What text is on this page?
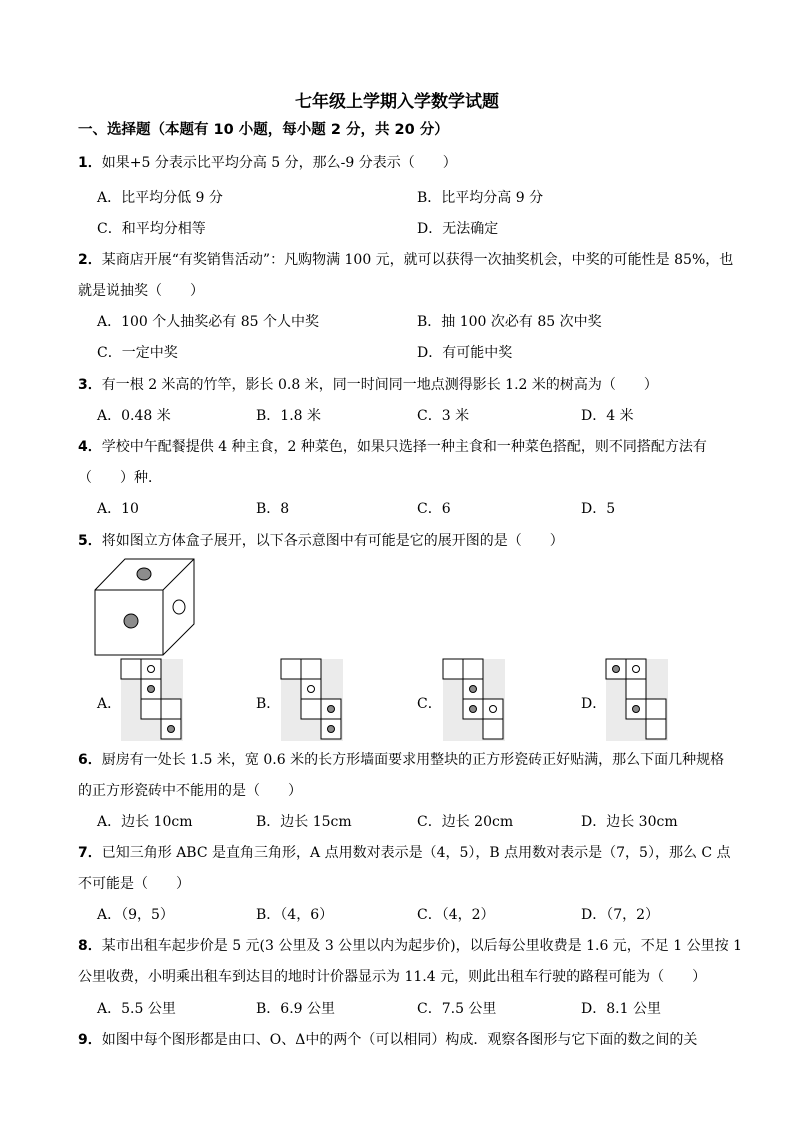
七年级上学期入学数学试题
一、选择题（本题有 10 小题，每小题 2 分，共 20 分）
1．如果+5 分表示比平均分高 5 分，那么-9 分表示（　　）
A．比平均分低 9 分	B．比平均分高 9 分
C．和平均分相等	D．无法确定
2．某商店开展“有奖销售活动”：凡购物满 100 元，就可以获得一次抽奖机会，中奖的可能性是 85%，也
就是说抽奖（　　）
A．100 个人抽奖必有 85 个人中奖	B．抽 100 次必有 85 次中奖
C．一定中奖	D．有可能中奖
3．有一根 2 米高的竹竿，影长 0.8 米，同一时间同一地点测得影长 1.2 米的树高为（　　）
A．0.48 米	B．1.8 米	C．3 米	D．4 米
4．学校中午配餐提供 4 种主食，2 种菜色，如果只选择一种主食和一种菜色搭配，则不同搭配方法有
（　　）种．
A．10	B．8	C．6	D．5
5．将如图立方体盒子展开，以下各示意图中有可能是它的展开图的是（　　）
A．	B．	C．	D．
6．厨房有一处长 1.5 米，宽 0.6 米的长方形墙面要求用整块的正方形瓷砖正好贴满，那么下面几种规格
的正方形瓷砖中不能用的是（　　）
A．边长 10cm	B．边长 15cm	C．边长 20cm	D．边长 30cm
7．已知三角形 ABC 是直角三角形，A 点用数对表示是（4，5），B 点用数对表示是（7，5），那么 C 点
不可能是（　　）
A．（9，5）	B．（4，6）	C．（4，2）	D．（7，2）
8．某市出租车起步价是 5 元(3 公里及 3 公里以内为起步价)，以后每公里收费是 1.6 元，不足 1 公里按 1
公里收费，小明乘出租车到达目的地时计价器显示为 11.4 元，则此出租车行驶的路程可能为（　　）
A．5.5 公里	B．6.9 公里	C．7.5 公里	D．8.1 公里
9．如图中每个图形都是由口、O、Δ中的两个（可以相同）构成．观察各图形与它下面的数之间的关
